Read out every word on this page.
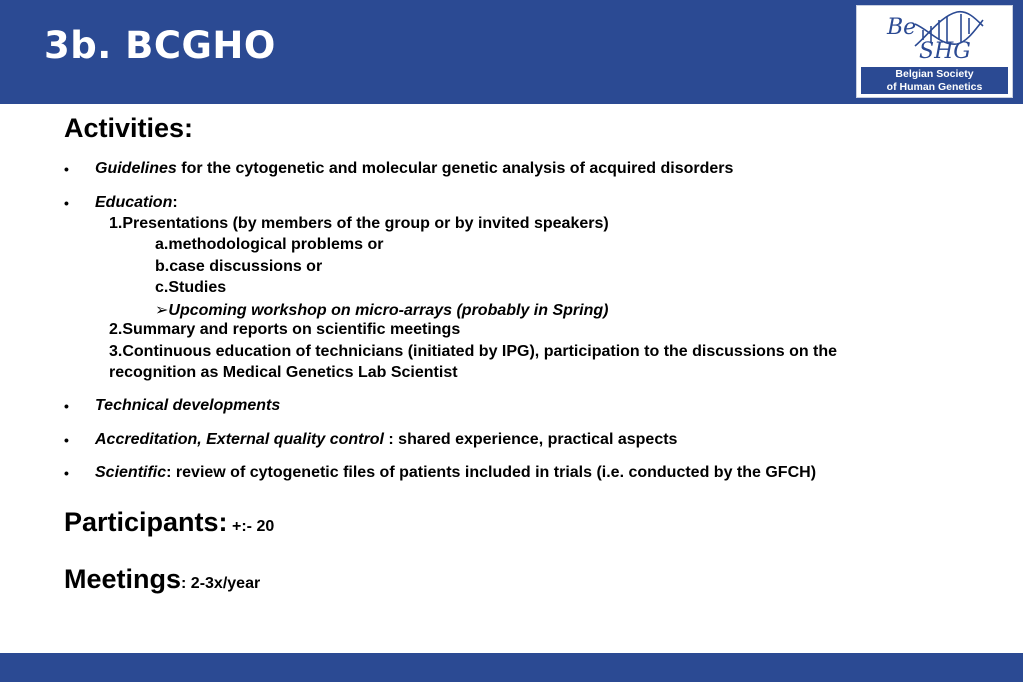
3b. BCGHO	Be
SHG
Belgian Society
of Human Genetics
Activities:
• Guidelines for the cytogenetic and molecular genetic analysis of acquired disorders
• Education:
1.Presentations (by members of the group or by invited speakers)
a.methodological problems or
b.case discussions or
c.Studies
➢Upcoming workshop on micro-arrays (probably in Spring)
2.Summary and reports on scientific meetings
3.Continuous education of technicians (initiated by IPG), participation to the discussions on the
recognition as Medical Genetics Lab Scientist
• Technical developments
• Accreditation, External quality control : shared experience, practical aspects
• Scientific: review of cytogenetic files of patients included in trials (i.e. conducted by the GFCH)
Participants: +:- 20
Meetings: 2-3x/year
